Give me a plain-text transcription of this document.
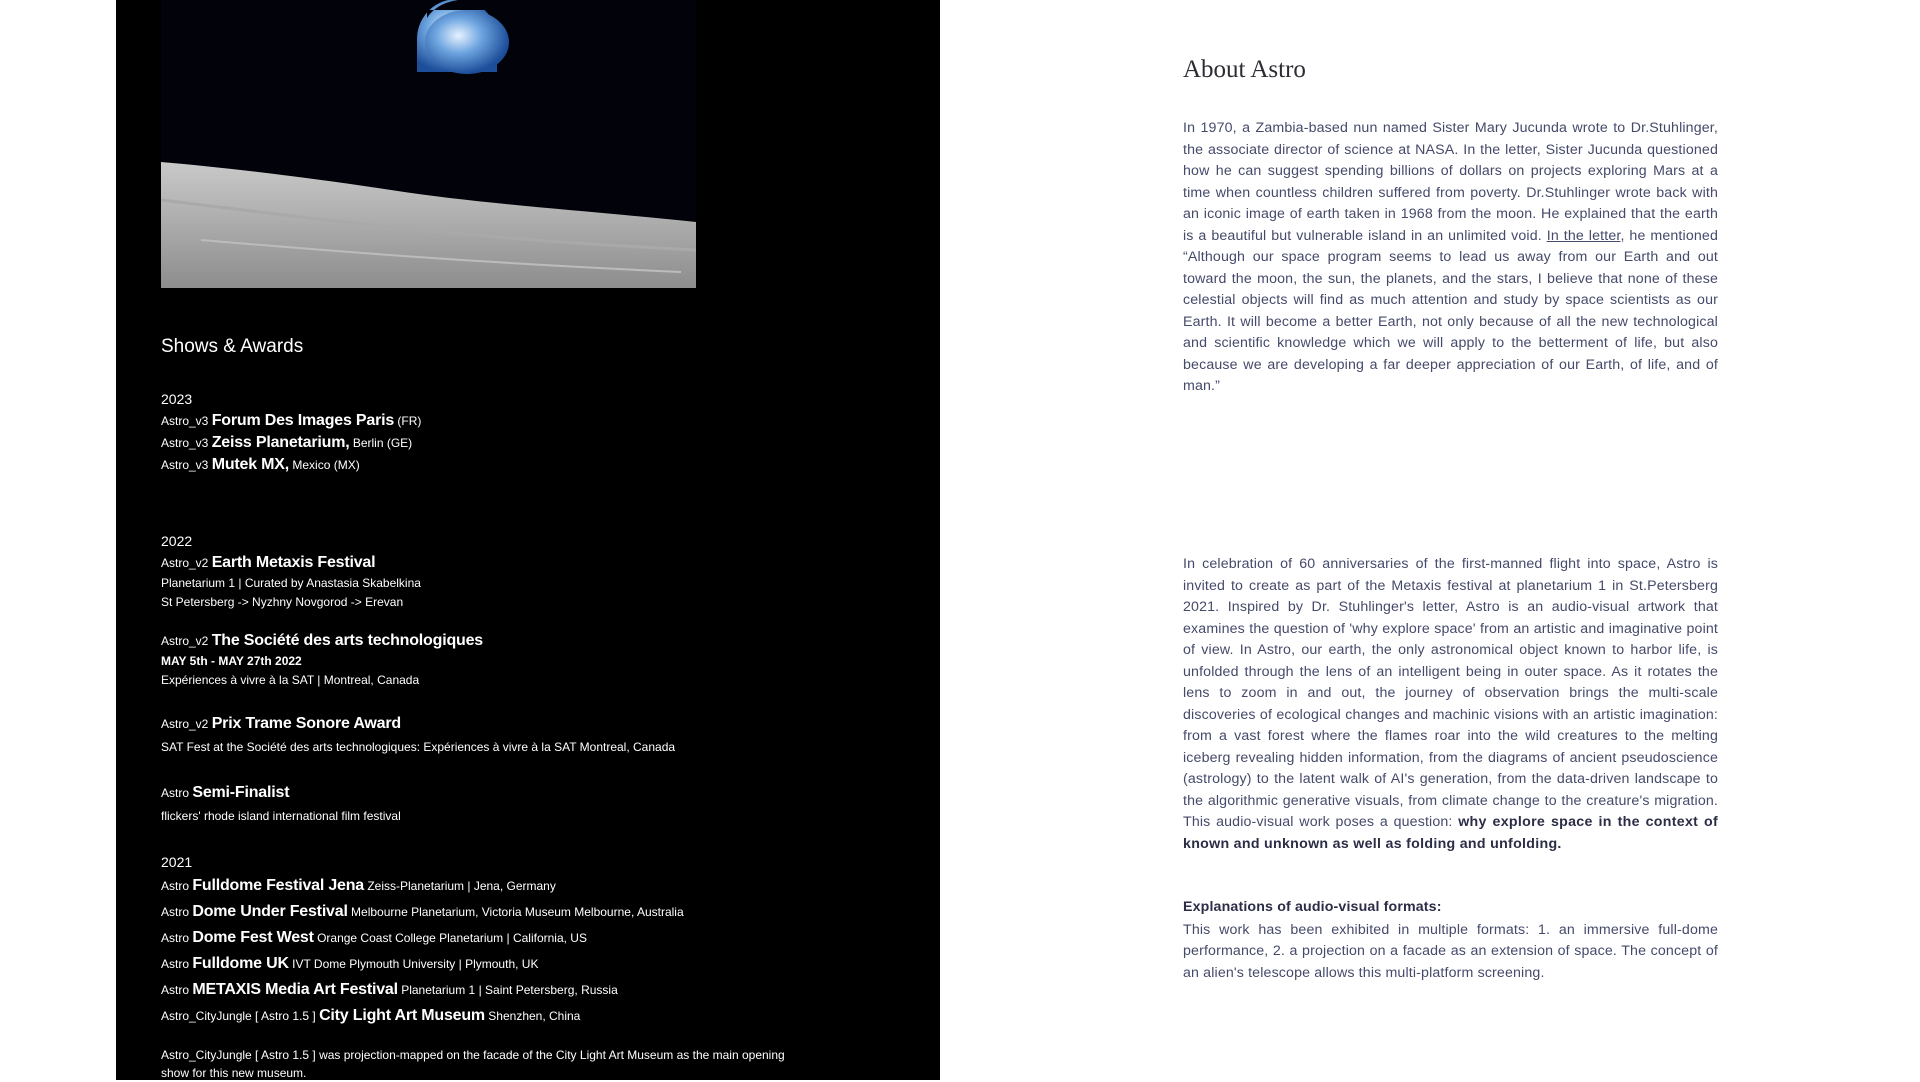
Shows & Awards
2023
Astro_v3 Forum Des Images Paris (FR)
Astro_v3 Zeiss Planetarium, Berlin (GE)
Astro_v3 Mutek MX, Mexico (MX)
2022
Astro_v2 Earth Metaxis Festival
Planetarium 1 | Curated by Anastasia Skabelkina
St Petersberg -> Nyzhny Novgorod -> Erevan
Astro_v2 The Société des arts technologiques
MAY 5th - MAY 27th 2022
Expériences à vivre à la SAT | Montreal, Canada
Astro_v2 Prix Trame Sonore Award
SAT Fest at the Société des arts technologiques: Expériences à vivre à la SAT Montreal, Canada
Astro Semi-Finalist
flickers' rhode island international film festival
2021
Astro Fulldome Festival Jena Zeiss-Planetarium | Jena, Germany
Astro Dome Under Festival Melbourne Planetarium, Victoria Museum Melbourne, Australia
Astro Dome Fest West Orange Coast College Planetarium | California, US
Astro Fulldome UK IVT Dome Plymouth University | Plymouth, UK
Astro METAXIS Media Art Festival Planetarium 1 | Saint Petersberg, Russia
Astro_CityJungle [ Astro 1.5 ] City Light Art Museum Shenzhen, China
Astro_CityJungle [ Astro 1.5 ] was projection-mapped on the facade of the City Light Art Museum as the main opening show for this new museum.
About Astro
In 1970, a Zambia-based nun named Sister Mary Jucunda wrote to Dr.Stuhlinger, the associate director of science at NASA. In the letter, Sister Jucunda questioned how he can suggest spending billions of dollars on projects exploring Mars at a time when countless children suffered from poverty. Dr.Stuhlinger wrote back with an iconic image of earth taken in 1968 from the moon. He explained that the earth is a beautiful but vulnerable island in an unlimited void. In the letter, he mentioned “Although our space program seems to lead us away from our Earth and out toward the moon, the sun, the planets, and the stars, I believe that none of these celestial objects will find as much attention and study by space scientists as our Earth. It will become a better Earth, not only because of all the new technological and scientific knowledge which we will apply to the betterment of life, but also because we are developing a far deeper appreciation of our Earth, of life, and of man.”
In celebration of 60 anniversaries of the first-manned flight into space, Astro is invited to create as part of the Metaxis festival at planetarium 1 in St.Petersberg 2021. Inspired by Dr. Stuhlinger's letter, Astro is an audio-visual artwork that examines the question of 'why explore space' from an artistic and imaginative point of view. In Astro, our earth, the only astronomical object known to harbor life, is unfolded through the lens of an intelligent being in outer space. As it rotates the lens to zoom in and out, the journey of observation brings the multi-scale discoveries of ecological changes and machinic visions with an artistic imagination: from a vast forest where the flames roar into the wild creatures to the melting iceberg revealing hidden information, from the diagrams of ancient pseudoscience (astrology) to the latent walk of AI's generation, from the data-driven landscape to the algorithmic generative visuals, from climate change to the creature's migration. This audio-visual work poses a question: why explore space in the context of known and unknown as well as folding and unfolding.
Explanations of audio-visual formats:
This work has been exhibited in multiple formats: 1. an immersive full-dome performance, 2. a projection on a facade as an extension of space. The concept of an alien's telescope allows this multi-platform screening.
